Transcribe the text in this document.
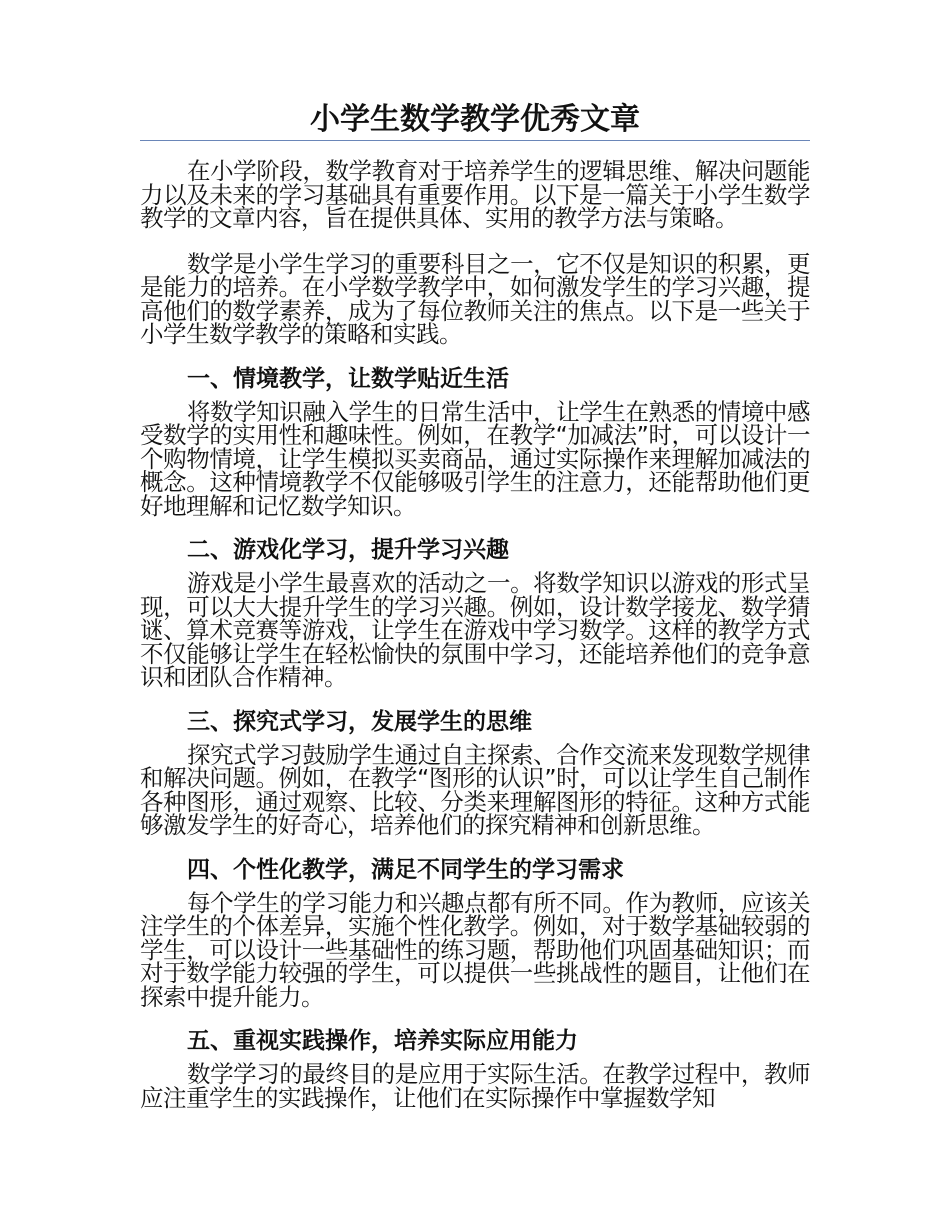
小学生数学教学优秀文章

在小学阶段，数学教育对于培养学生的逻辑思维、解决问题能力以及未来的学习基础具有重要作用。以下是一篇关于小学生数学教学的文章内容，旨在提供具体、实用的教学方法与策略。

数学是小学生学习的重要科目之一，它不仅是知识的积累，更是能力的培养。在小学数学教学中，如何激发学生的学习兴趣，提高他们的数学素养，成为了每位教师关注的焦点。以下是一些关于小学生数学教学的策略和实践。

一、情境教学，让数学贴近生活

将数学知识融入学生的日常生活中，让学生在熟悉的情境中感受数学的实用性和趣味性。例如，在教学“加减法”时，可以设计一个购物情境，让学生模拟买卖商品，通过实际操作来理解加减法的概念。这种情境教学不仅能够吸引学生的注意力，还能帮助他们更好地理解和记忆数学知识。

二、游戏化学习，提升学习兴趣

游戏是小学生最喜欢的活动之一。将数学知识以游戏的形式呈现，可以大大提升学生的学习兴趣。例如，设计数学接龙、数学猜谜、算术竞赛等游戏，让学生在游戏中学习数学。这样的教学方式不仅能够让学生在轻松愉快的氛围中学习，还能培养他们的竞争意识和团队合作精神。

三、探究式学习，发展学生的思维

探究式学习鼓励学生通过自主探索、合作交流来发现数学规律和解决问题。例如，在教学“图形的认识”时，可以让学生自己制作各种图形，通过观察、比较、分类来理解图形的特征。这种方式能够激发学生的好奇心，培养他们的探究精神和创新思维。

四、个性化教学，满足不同学生的学习需求

每个学生的学习能力和兴趣点都有所不同。作为教师，应该关注学生的个体差异，实施个性化教学。例如，对于数学基础较弱的学生，可以设计一些基础性的练习题，帮助他们巩固基础知识；而对于数学能力较强的学生，可以提供一些挑战性的题目，让他们在探索中提升能力。

五、重视实践操作，培养实际应用能力

数学学习的最终目的是应用于实际生活。在教学过程中，教师应注重学生的实践操作，让他们在实际操作中掌握数学知
